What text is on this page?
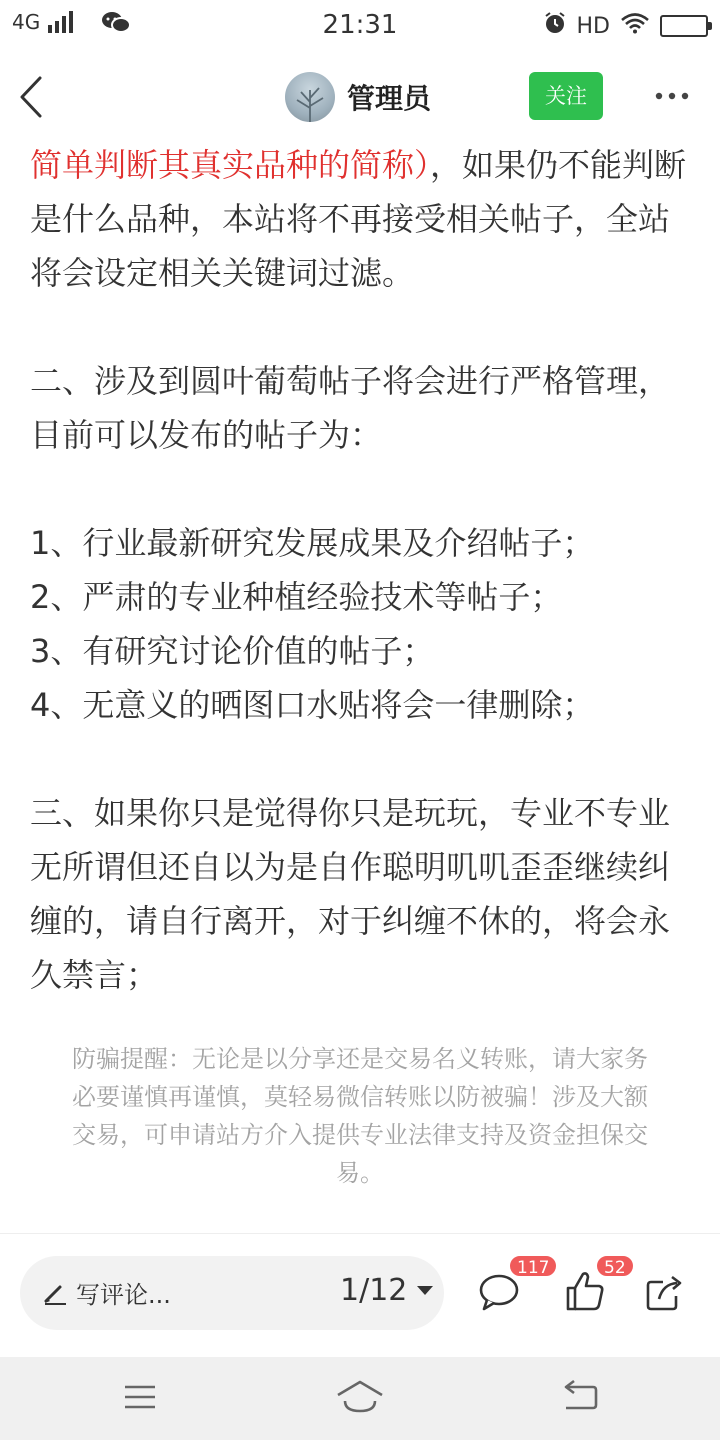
4G	21:31	HD
管理员	关注

简单判断其真实品种的简称），如果仍不能判断是什么品种，本站将不再接受相关帖子，全站将会设定相关关键词过滤。

二、涉及到圆叶葡萄帖子将会进行严格管理，目前可以发布的帖子为：

1、行业最新研究发展成果及介绍帖子；

2、严肃的专业种植经验技术等帖子；

3、有研究讨论价值的帖子；

4、无意义的晒图口水贴将会一律删除；

三、如果你只是觉得你只是玩玩，专业不专业无所谓但还自以为是自作聪明叽叽歪歪继续纠缠的，请自行离开，对于纠缠不休的，将会永久禁言；

防骗提醒：无论是以分享还是交易名义转账，请大家务必要谨慎再谨慎，莫轻易微信转账以防被骗！涉及大额交易，可申请站方介入提供专业法律支持及资金担保交易。
写评论...	1/12
117	52
